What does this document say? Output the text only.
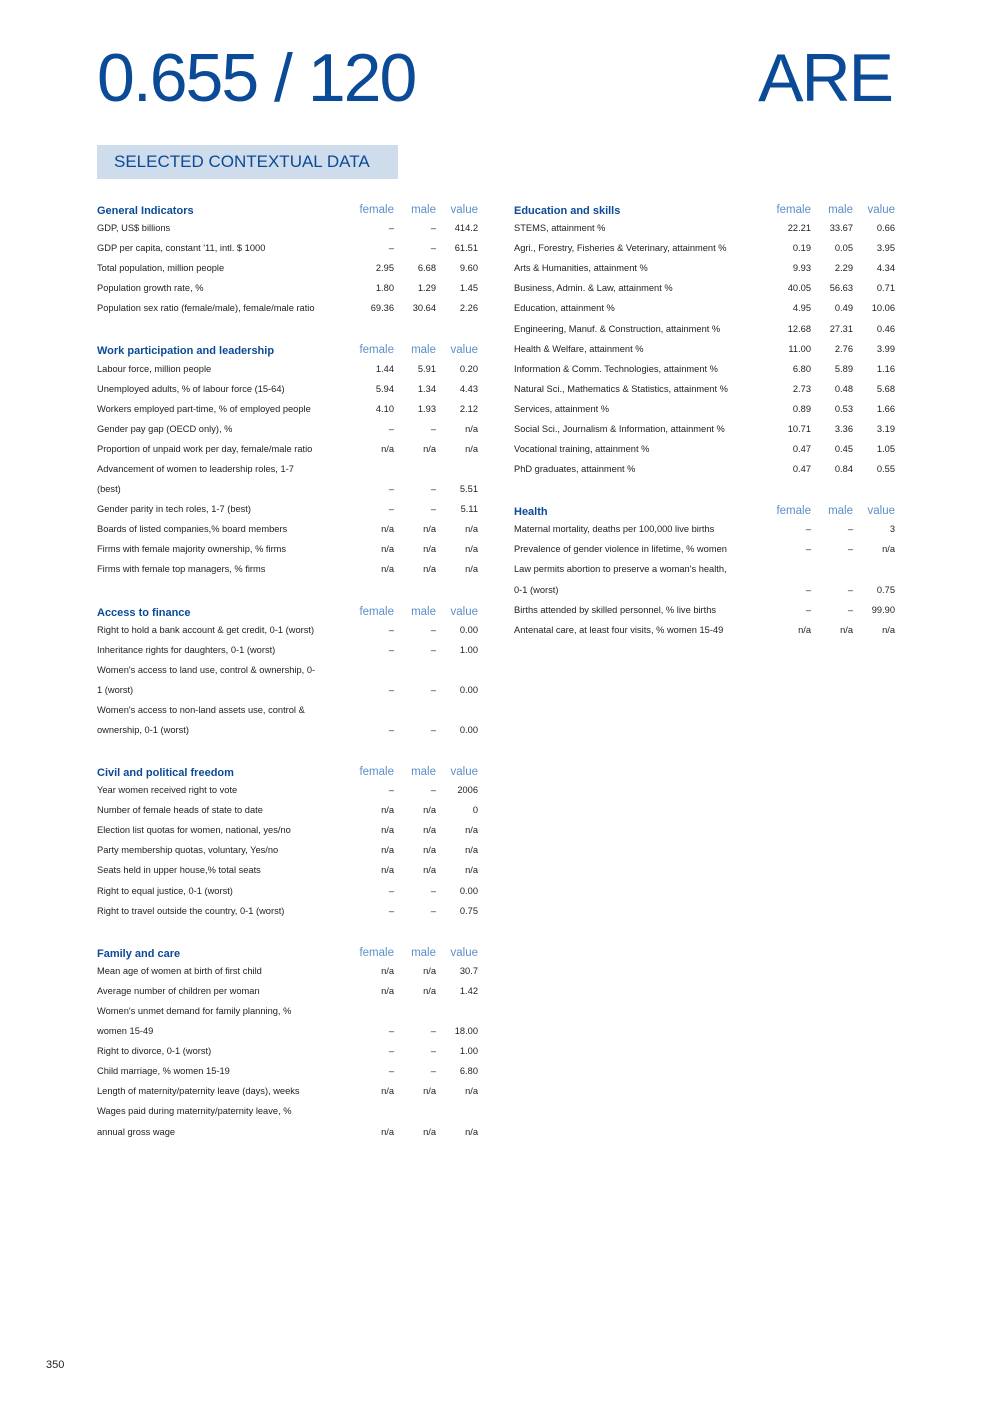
0.655 / 120	ARE
SELECTED CONTEXTUAL DATA
General Indicators	female	male	value
GDP, US$ billions	–	–	414.2
GDP per capita, constant '11, intl. $ 1000	–	–	61.51
Total population, million people	2.95	6.68	9.60
Population growth rate, %	1.80	1.29	1.45
Population sex ratio (female/male), female/male ratio	69.36	30.64	2.26
Work participation and leadership	female	male	value
Labour force, million people	1.44	5.91	0.20
Unemployed adults, % of labour force (15-64)	5.94	1.34	4.43
Workers employed part-time, % of employed people	4.10	1.93	2.12
Gender pay gap (OECD only), %	–	–	n/a
Proportion of unpaid work per day, female/male ratio	n/a	n/a	n/a
Advancement of women to leadership roles, 1-7
(best)	–	–	5.51
Gender parity in tech roles, 1-7 (best)	–	–	5.11
Boards of listed companies,% board members	n/a	n/a	n/a
Firms with female majority ownership, % firms	n/a	n/a	n/a
Firms with female top managers, % firms	n/a	n/a	n/a
Access to finance	female	male	value
Right to hold a bank account & get credit, 0-1 (worst)	–	–	0.00
Inheritance rights for daughters, 0-1 (worst)	–	–	1.00
Women's access to land use, control & ownership, 0-
1 (worst)	–	–	0.00
Women's access to non-land assets use, control &
ownership, 0-1 (worst)	–	–	0.00
Civil and political freedom	female	male	value
Year women received right to vote	–	–	2006
Number of female heads of state to date	n/a	n/a	0
Election list quotas for women, national, yes/no	n/a	n/a	n/a
Party membership quotas, voluntary, Yes/no	n/a	n/a	n/a
Seats held in upper house,% total seats	n/a	n/a	n/a
Right to equal justice, 0-1 (worst)	–	–	0.00
Right to travel outside the country, 0-1 (worst)	–	–	0.75
Family and care	female	male	value
Mean age of women at birth of first child	n/a	n/a	30.7
Average number of children per woman	n/a	n/a	1.42
Women's unmet demand for family planning, %
women 15-49	–	–	18.00
Right to divorce, 0-1 (worst)	–	–	1.00
Child marriage, % women 15-19	–	–	6.80
Length of maternity/paternity leave (days), weeks	n/a	n/a	n/a
Wages paid during maternity/paternity leave, %
annual gross wage	n/a	n/a	n/a
Education and skills	female	male	value
STEMS, attainment %	22.21	33.67	0.66
Agri., Forestry, Fisheries & Veterinary, attainment %	0.19	0.05	3.95
Arts & Humanities, attainment %	9.93	2.29	4.34
Business, Admin. & Law, attainment %	40.05	56.63	0.71
Education, attainment %	4.95	0.49	10.06
Engineering, Manuf. & Construction, attainment %	12.68	27.31	0.46
Health & Welfare, attainment %	11.00	2.76	3.99
Information & Comm. Technologies, attainment %	6.80	5.89	1.16
Natural Sci., Mathematics & Statistics, attainment %	2.73	0.48	5.68
Services, attainment %	0.89	0.53	1.66
Social Sci., Journalism & Information, attainment %	10.71	3.36	3.19
Vocational training, attainment %	0.47	0.45	1.05
PhD graduates, attainment %	0.47	0.84	0.55
Health	female	male	value
Maternal mortality, deaths per 100,000 live births	–	–	3
Prevalence of gender violence in lifetime, % women	–	–	n/a
Law permits abortion to preserve a woman's health,
0-1 (worst)	–	–	0.75
Births attended by skilled personnel, % live births	–	–	99.90
Antenatal care, at least four visits, % women 15-49	n/a	n/a	n/a
350
